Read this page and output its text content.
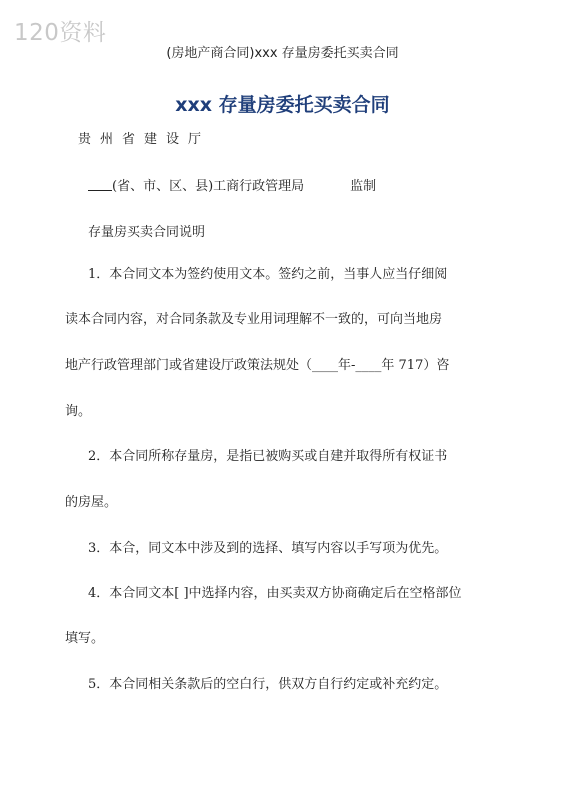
120资料
(房地产商合同)xxx 存量房委托买卖合同
xxx 存量房委托买卖合同
贵州省建设厅
(省、市、区、县)工商行政管理局	监制
存量房买卖合同说明
1．本合同文本为签约使用文本。签约之前，当事人应当仔细阅
读本合同内容，对合同条款及专业用词理解不一致的，可向当地房
地产行政管理部门或省建设厅政策法规处（____年-____年 717）咨
询。
2．本合同所称存量房，是指已被购买或自建并取得所有权证书
的房屋。
3．本合，同文本中涉及到的选择、填写内容以手写项为优先。
4．本合同文本[ ]中选择内容，由买卖双方协商确定后在空格部位
填写。
5．本合同相关条款后的空白行，供双方自行约定或补充约定。
